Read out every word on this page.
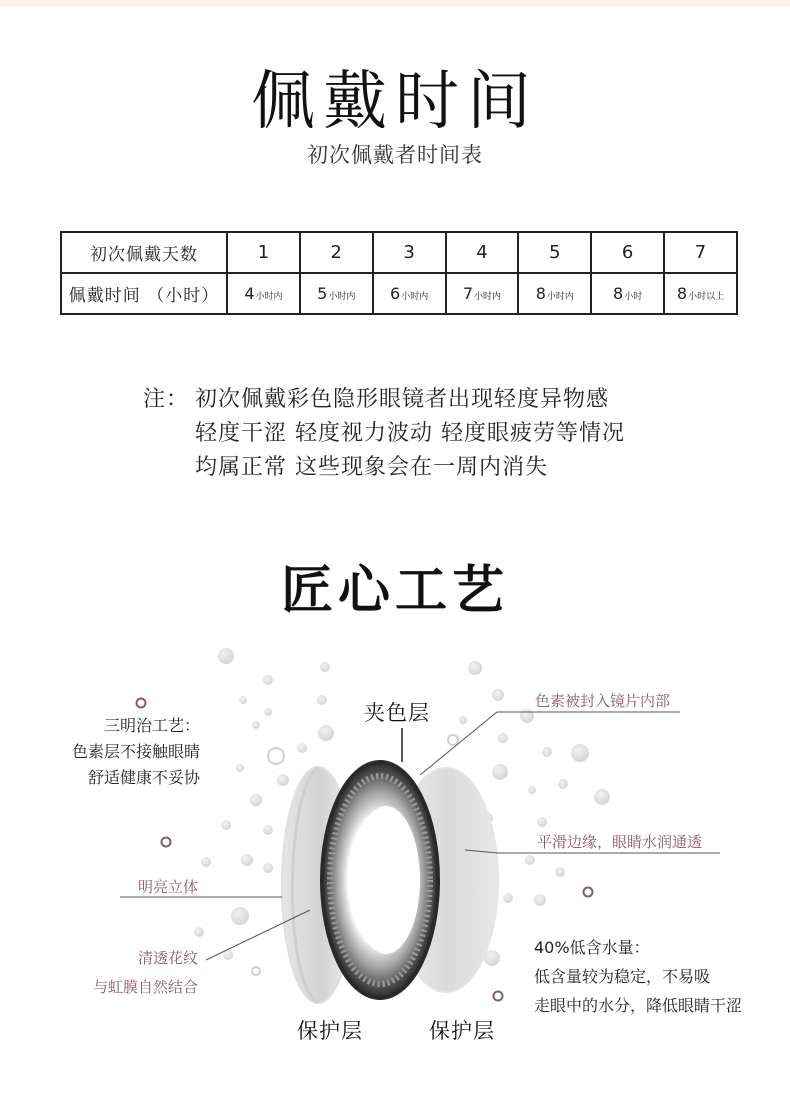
佩戴时间
初次佩戴者时间表
初次佩戴天数	1	2	3	4	5	6	7
佩戴时间 （小时）	4小时内	5小时内	6小时内	7小时内	8小时内	8小时	8小时以上
注： 初次佩戴彩色隐形眼镜者出现轻度异物感
轻度干涩 轻度视力波动 轻度眼疲劳等情况
均属正常 这些现象会在一周内消失
匠心工艺
三明治工艺：
色素层不接触眼睛
舒适健康不妥协
明亮立体
清透花纹
与虹膜自然结合
夹色层
保护层	保护层
色素被封入镜片内部
平滑边缘，眼睛水润通透
40%低含水量：
低含量较为稳定，不易吸
走眼中的水分，降低眼睛干涩
